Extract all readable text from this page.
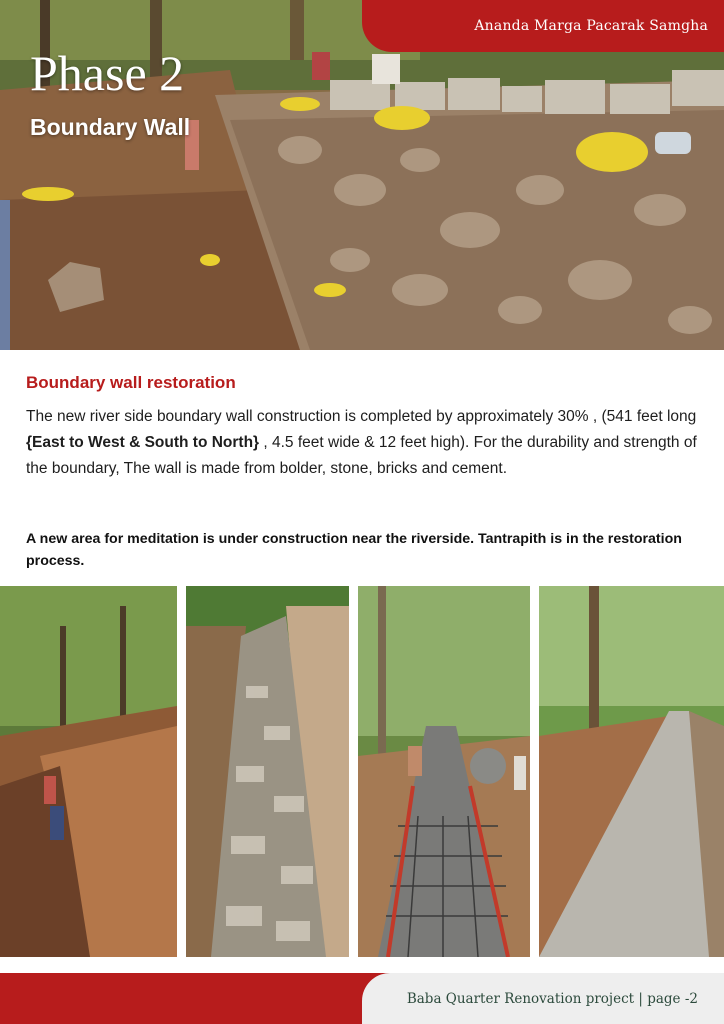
Ananda Marga Pacarak Samgha
Phase 2
Boundary Wall
Boundary wall restoration

The new river side boundary wall construction is completed by approximately 30% , (541 feet long {East to West & South to North} , 4.5 feet wide & 12 feet high). For the durability and strength of the boundary, The wall is made from bolder, stone, bricks and cement.

A new area for meditation is under construction near the riverside. Tantrapith is in the restoration process.

Baba Quarter Renovation project | page -2
